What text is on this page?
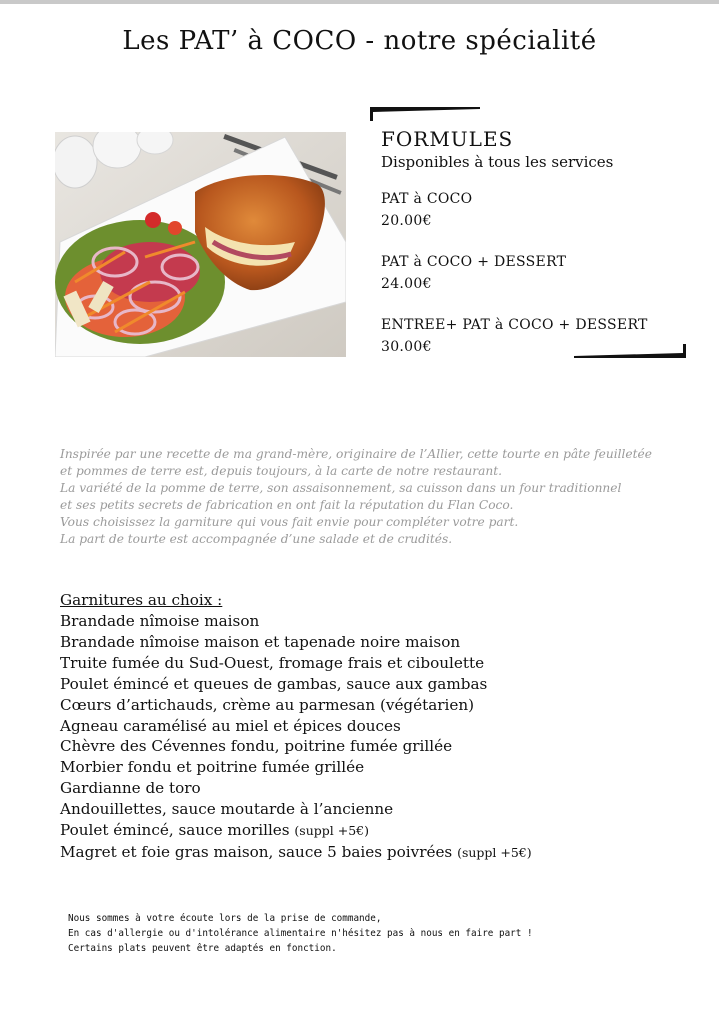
Les PAT’ à COCO - notre spécialité

FORMULES

Disponibles à tous les services

PAT à COCO
20.00€
PAT à COCO + DESSERT
24.00€
ENTREE+ PAT à COCO + DESSERT
30.00€

Inspirée par une recette de ma grand-mère, originaire de l’Allier, cette tourte en pâte feuilletée

et pommes de terre est, depuis toujours, à la carte de notre restaurant.

La variété de la pomme de terre, son assaisonnement, sa cuisson dans un four traditionnel

et ses petits secrets de fabrication en ont fait la réputation du Flan Coco.

Vous choisissez la garniture qui vous fait envie pour compléter votre part.

La part de tourte est accompagnée d’une salade et de crudités.

Garnitures au choix :

Brandade nîmoise maison
Brandade nîmoise maison et tapenade noire maison
Truite fumée du Sud-Ouest, fromage frais et ciboulette
Poulet émincé et queues de gambas, sauce aux gambas
Cœurs d’artichauds, crème au parmesan (végétarien)
Agneau caramélisé au miel et épices douces
Chèvre des Cévennes fondu, poitrine fumée grillée
Morbier fondu et poitrine fumée grillée
Gardianne de toro
Andouillettes, sauce moutarde à l’ancienne
Poulet émincé, sauce morilles (suppl +5€)
Magret et foie gras maison, sauce 5 baies poivrées (suppl +5€)

Nous sommes à votre écoute lors de la prise de commande,

En cas d'allergie ou d'intolérance alimentaire n'hésitez pas à nous en faire part !

Certains plats peuvent être adaptés en fonction.
